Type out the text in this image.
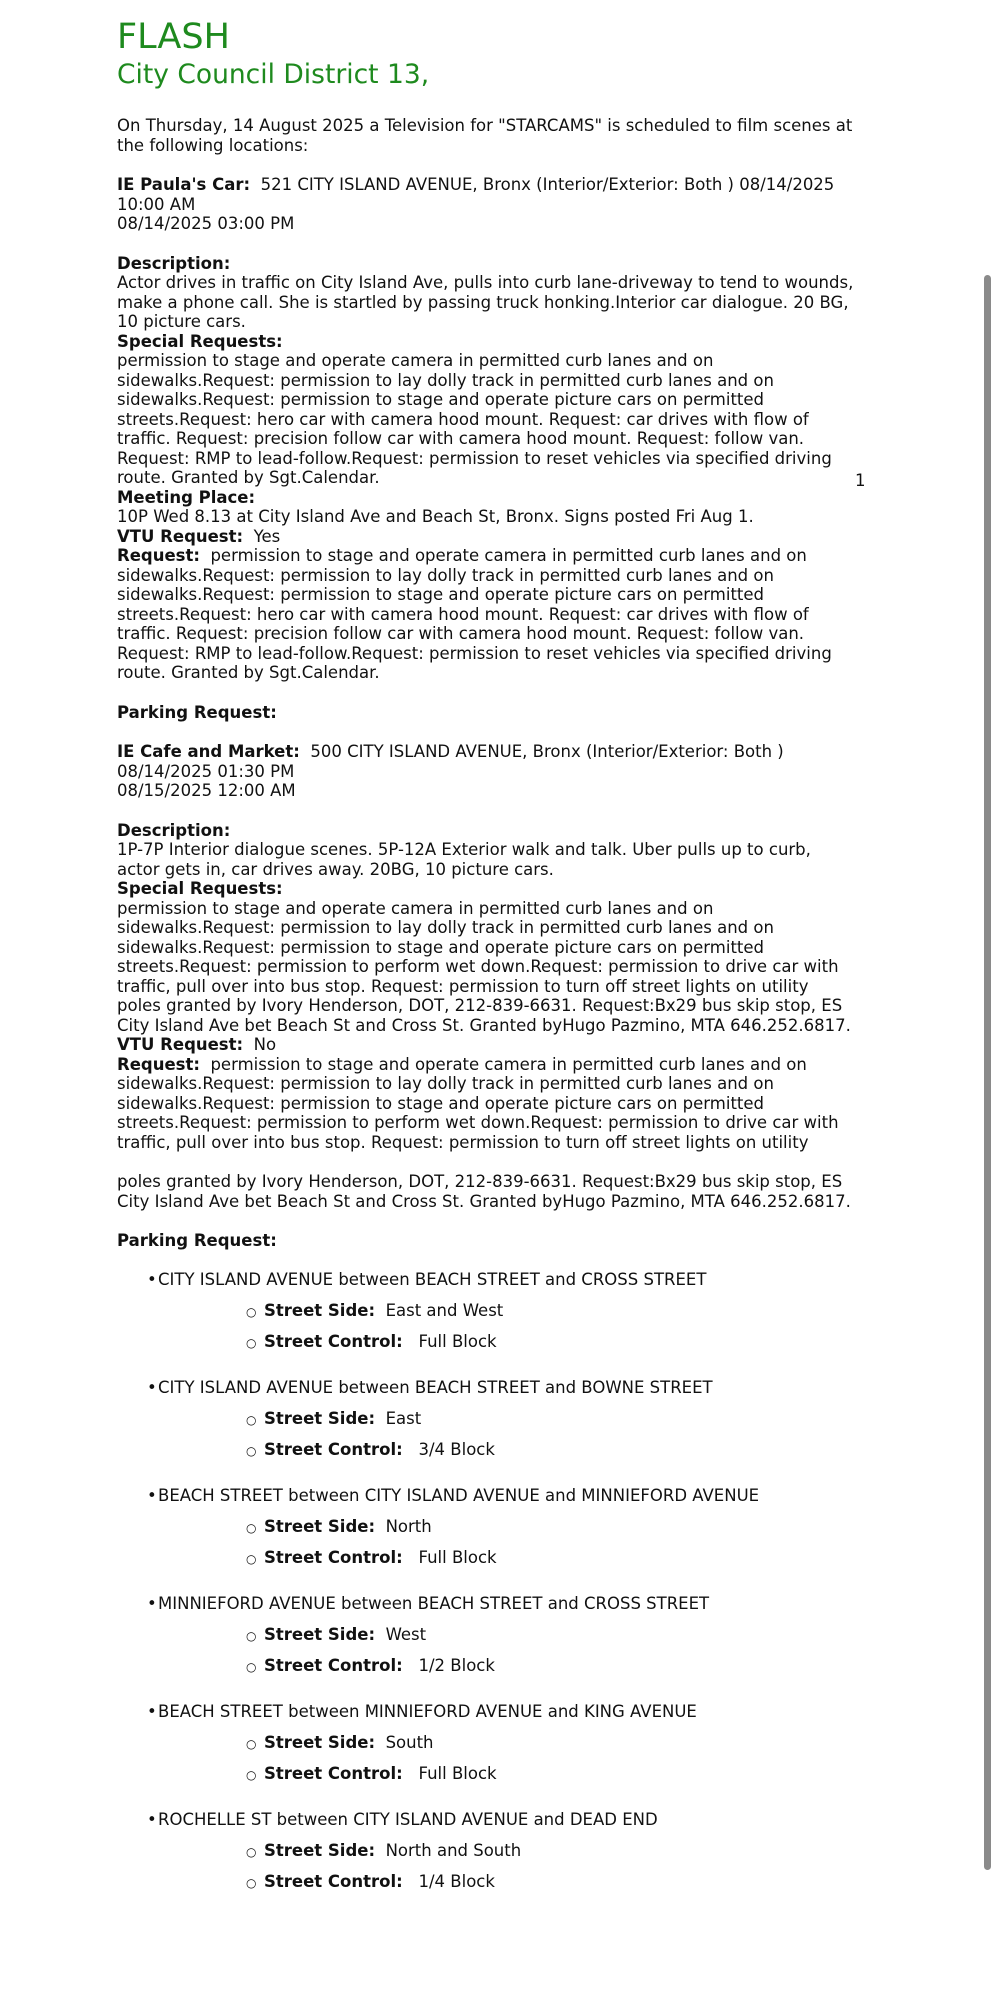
FLASH
City Council District 13,

On Thursday, 14 August 2025 a Television for "STARCAMS" is scheduled to film scenes at the following locations:

IE Paula's Car: 521 CITY ISLAND AVENUE, Bronx (Interior/Exterior: Both ) 08/14/2025 10:00 AM

08/14/2025 03:00 PM

Description:

Actor drives in traffic on City Island Ave, pulls into curb lane-driveway to tend to wounds, make a phone call. She is startled by passing truck honking.Interior car dialogue. 20 BG, 10 picture cars.

Special Requests:

permission to stage and operate camera in permitted curb lanes and on sidewalks.Request: permission to lay dolly track in permitted curb lanes and on sidewalks.Request: permission to stage and operate picture cars on permitted streets.Request: hero car with camera hood mount. Request: car drives with flow of traffic. Request: precision follow car with camera hood mount. Request: follow van. Request: RMP to lead-follow.Request: permission to reset vehicles via specified driving route. Granted by Sgt.Calendar.

Meeting Place:

10P Wed 8.13 at City Island Ave and Beach St, Bronx. Signs posted Fri Aug 1.

VTU Request: Yes

Request: permission to stage and operate camera in permitted curb lanes and on sidewalks.Request: permission to lay dolly track in permitted curb lanes and on sidewalks.Request: permission to stage and operate picture cars on permitted streets.Request: hero car with camera hood mount. Request: car drives with flow of traffic. Request: precision follow car with camera hood mount. Request: follow van. Request: RMP to lead-follow.Request: permission to reset vehicles via specified driving route. Granted by Sgt.Calendar.

Parking Request:

IE Cafe and Market: 500 CITY ISLAND AVENUE, Bronx (Interior/Exterior: Both )

08/14/2025 01:30 PM

08/15/2025 12:00 AM

Description:

1P-7P Interior dialogue scenes. 5P-12A Exterior walk and talk. Uber pulls up to curb, actor gets in, car drives away. 20BG, 10 picture cars.

Special Requests:

permission to stage and operate camera in permitted curb lanes and on sidewalks.Request: permission to lay dolly track in permitted curb lanes and on sidewalks.Request: permission to stage and operate picture cars on permitted streets.Request: permission to perform wet down.Request: permission to drive car with traffic, pull over into bus stop. Request: permission to turn off street lights on utility poles granted by Ivory Henderson, DOT, 212-839-6631. Request:Bx29 bus skip stop, ES City Island Ave bet Beach St and Cross St. Granted byHugo Pazmino, MTA 646.252.6817.

VTU Request: No

Request: permission to stage and operate camera in permitted curb lanes and on sidewalks.Request: permission to lay dolly track in permitted curb lanes and on sidewalks.Request: permission to stage and operate picture cars on permitted streets.Request: permission to perform wet down.Request: permission to drive car with traffic, pull over into bus stop. Request: permission to turn off street lights on utility

poles granted by Ivory Henderson, DOT, 212-839-6631. Request:Bx29 bus skip stop, ES City Island Ave bet Beach St and Cross St. Granted byHugo Pazmino, MTA 646.252.6817.

Parking Request:

• CITY ISLAND AVENUE between BEACH STREET and CROSS STREET
○ Street Side: East and West
○ Street Control: Full Block
• CITY ISLAND AVENUE between BEACH STREET and BOWNE STREET
○ Street Side: East
○ Street Control: 3/4 Block
• BEACH STREET between CITY ISLAND AVENUE and MINNIEFORD AVENUE
○ Street Side: North
○ Street Control: Full Block
• MINNIEFORD AVENUE between BEACH STREET and CROSS STREET
○ Street Side: West
○ Street Control: 1/2 Block
• BEACH STREET between MINNIEFORD AVENUE and KING AVENUE
○ Street Side: South
○ Street Control: Full Block
• ROCHELLE ST between CITY ISLAND AVENUE and DEAD END
○ Street Side: North and South
○ Street Control: 1/4 Block
1
